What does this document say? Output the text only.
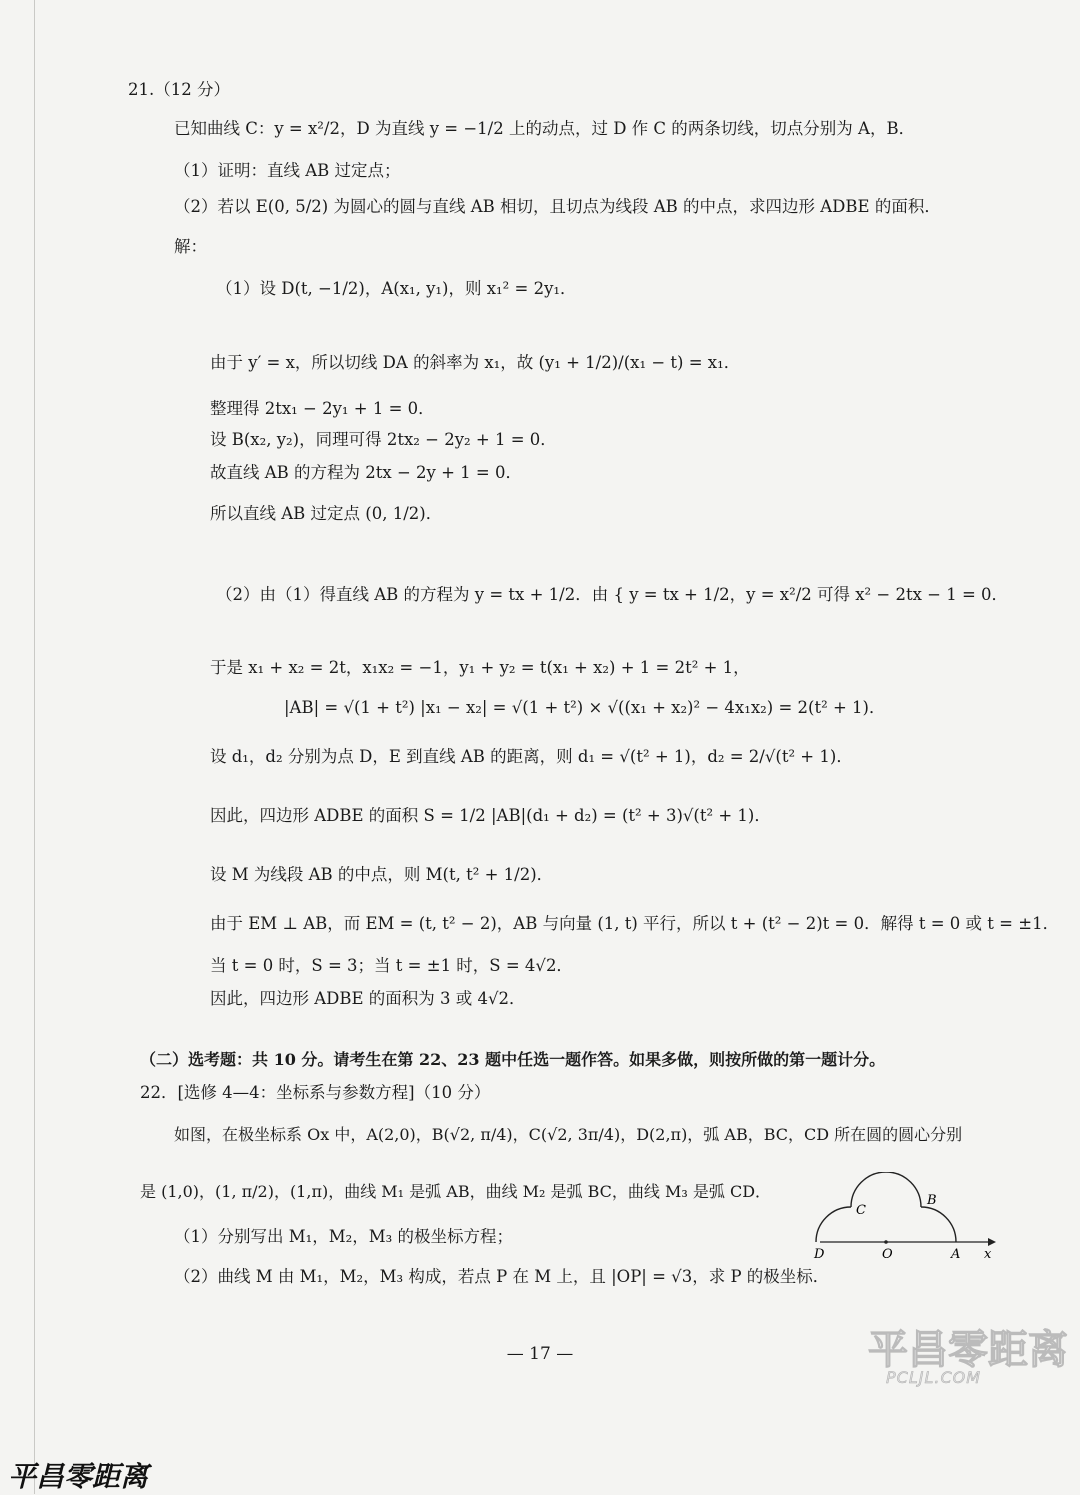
21.（12 分）
已知曲线 C：y = x²/2，D 为直线 y = −1/2 上的动点，过 D 作 C 的两条切线，切点分别为 A，B．
（1）证明：直线 AB 过定点；
（2）若以 E(0, 5/2) 为圆心的圆与直线 AB 相切，且切点为线段 AB 的中点，求四边形 ADBE 的面积．
解：
（1）设 D(t, −1/2)，A(x₁, y₁)，则 x₁² = 2y₁．
由于 y′ = x，所以切线 DA 的斜率为 x₁，故 (y₁ + 1/2)/(x₁ − t) = x₁．
整理得 2tx₁ − 2y₁ + 1 = 0．
设 B(x₂, y₂)，同理可得 2tx₂ − 2y₂ + 1 = 0．
故直线 AB 的方程为 2tx − 2y + 1 = 0．
所以直线 AB 过定点 (0, 1/2)．
（2）由（1）得直线 AB 的方程为 y = tx + 1/2．由 { y = tx + 1/2，y = x²/2 可得 x² − 2tx − 1 = 0．
于是 x₁ + x₂ = 2t，x₁x₂ = −1，y₁ + y₂ = t(x₁ + x₂) + 1 = 2t² + 1，
|AB| = √(1 + t²) |x₁ − x₂| = √(1 + t²) × √((x₁ + x₂)² − 4x₁x₂) = 2(t² + 1)．
设 d₁，d₂ 分别为点 D，E 到直线 AB 的距离，则 d₁ = √(t² + 1)，d₂ = 2/√(t² + 1)．
因此，四边形 ADBE 的面积 S = 1/2 |AB|(d₁ + d₂) = (t² + 3)√(t² + 1)．
设 M 为线段 AB 的中点，则 M(t, t² + 1/2)．
由于 EM ⊥ AB，而 EM = (t, t² − 2)，AB 与向量 (1, t) 平行，所以 t + (t² − 2)t = 0．解得 t = 0 或 t = ±1．
当 t = 0 时，S = 3；当 t = ±1 时，S = 4√2．
因此，四边形 ADBE 的面积为 3 或 4√2．
（二）选考题：共 10 分。请考生在第 22、23 题中任选一题作答。如果多做，则按所做的第一题计分。
22．[选修 4—4：坐标系与参数方程]（10 分）
如图，在极坐标系 Ox 中，A(2,0)，B(√2, π/4)，C(√2, 3π/4)，D(2,π)，弧 AB，BC，CD 所在圆的圆心分别
是 (1,0)，(1, π/2)，(1,π)，曲线 M₁ 是弧 AB，曲线 M₂ 是弧 BC，曲线 M₃ 是弧 CD．
（1）分别写出 M₁，M₂，M₃ 的极坐标方程；
（2）曲线 M 由 M₁，M₂，M₃ 构成，若点 P 在 M 上，且 |OP| = √3，求 P 的极坐标．
D	O	A x
B
C
— 17 —	平昌零距离
PCLJL.COM
平昌零距离
